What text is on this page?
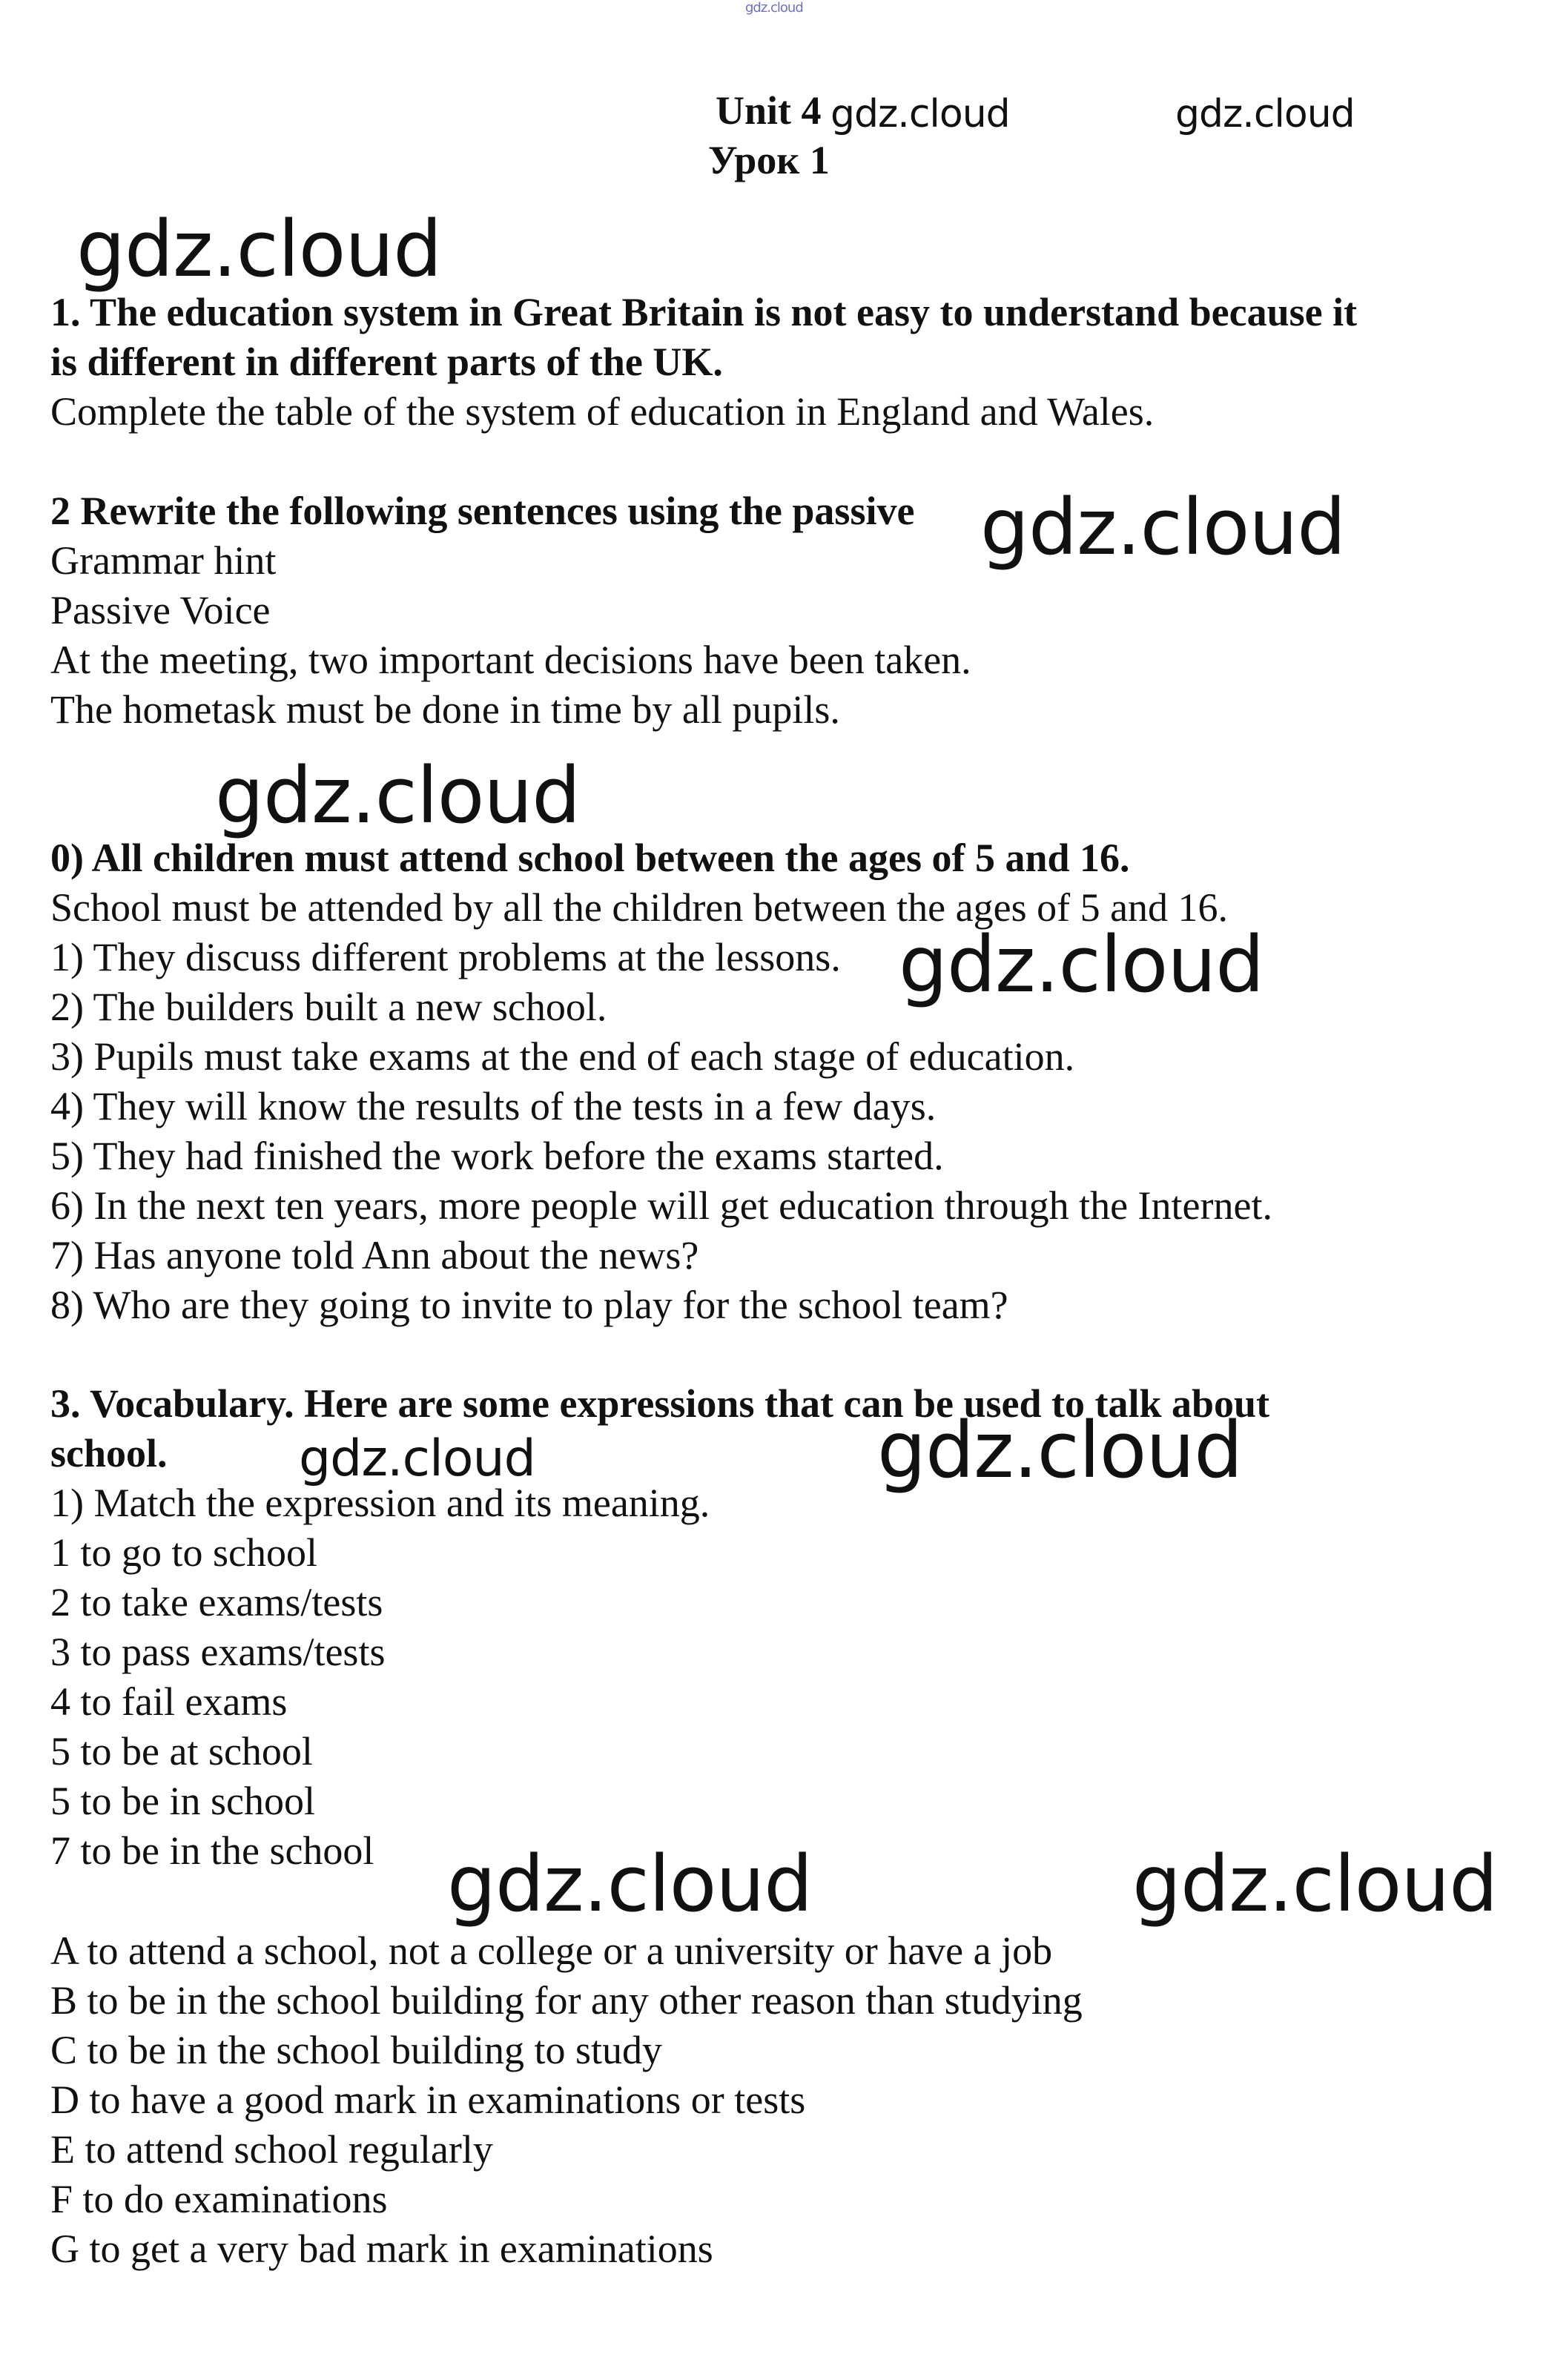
gdz.cloud
Unit 4 gdz.cloud	gdz.cloud
Урок 1
gdz.cloud
1. The education system in Great Britain is not easy to understand because it
is different in different parts of the UK.
Complete the table of the system of education in England and Wales.
2 Rewrite the following sentences using the passive
Grammar hint
Passive Voice
At the meeting, two important decisions have been taken.
The hometask must be done in time by all pupils.
gdz.cloud
gdz.cloud
0) All children must attend school between the ages of 5 and 16.
School must be attended by all the children between the ages of 5 and 16.
1) They discuss different problems at the lessons.
2) The builders built a new school.
3) Pupils must take exams at the end of each stage of education.
4) They will know the results of the tests in a few days.
5) They had finished the work before the exams started.
6) In the next ten years, more people will get education through the Internet.
7) Has anyone told Ann about the news?
8) Who are they going to invite to play for the school team?
gdz.cloud
3. Vocabulary. Here are some expressions that can be used to talk about
school.
1) Match the expression and its meaning.
1 to go to school
2 to take exams/tests
3 to pass exams/tests
4 to fail exams
5 to be at school
5 to be in school
7 to be in the school
gdz.cloud	gdz.cloud
gdz.cloud	gdz.cloud
A to attend a school, not a college or a university or have a job
B to be in the school building for any other reason than studying
C to be in the school building to study
D to have a good mark in examinations or tests
E to attend school regularly
F to do examinations
G to get a very bad mark in examinations
